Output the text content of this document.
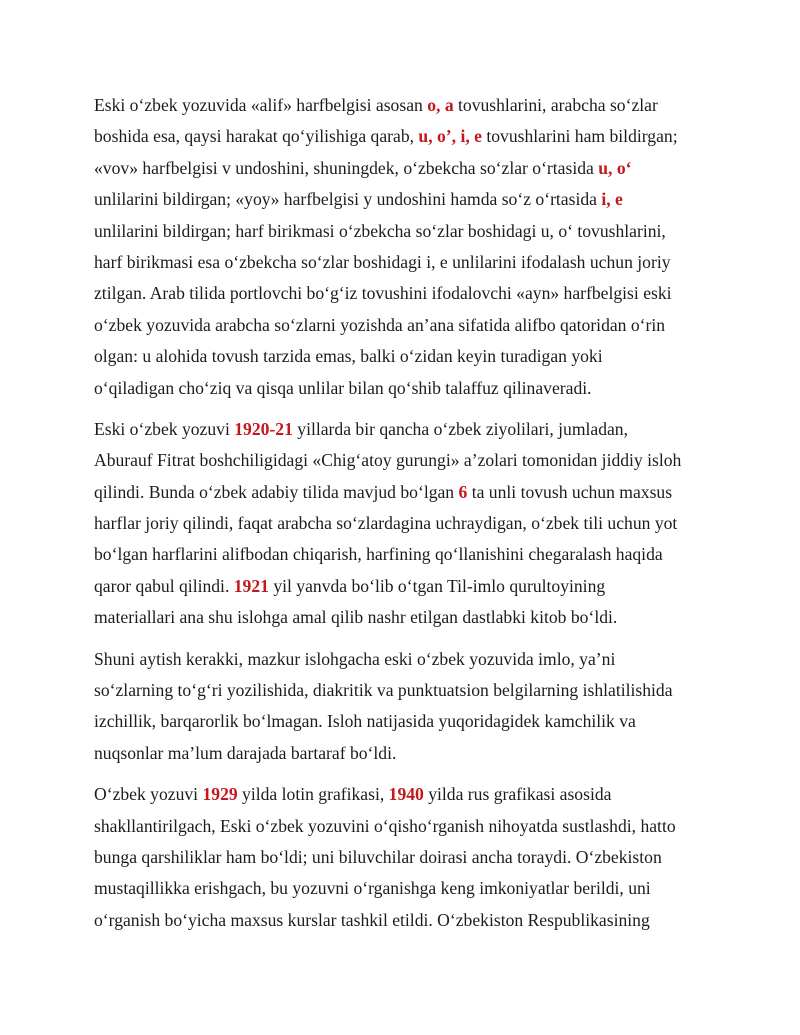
Eski o‘zbek yozuvida «alif» harfbelgisi asosan o, a tovushlarini, arabcha so‘zlar
boshida esa, qaysi harakat qo‘yilishiga qarab, u, o’, i, e tovushlarini ham bildirgan;
«vov» harfbelgisi v undoshini, shuningdek, o‘zbekcha so‘zlar o‘rtasida u, o‘
unlilarini bildirgan; «yoy» harfbelgisi y undoshini hamda so‘z o‘rtasida i, e
unlilarini bildirgan; harf birikmasi o‘zbekcha so‘zlar boshidagi u, o‘ tovushlarini,
harf birikmasi esa o‘zbekcha so‘zlar boshidagi i, e unlilarini ifodalash uchun joriy
ztilgan. Arab tilida portlovchi bo‘g‘iz tovushini ifodalovchi «ayn» harfbelgisi eski
o‘zbek yozuvida arabcha so‘zlarni yozishda an’ana sifatida alifbo qatoridan o‘rin
olgan: u alohida tovush tarzida emas, balki o‘zidan keyin turadigan yoki
o‘qiladigan cho‘ziq va qisqa unlilar bilan qo‘shib talaffuz qilinaveradi.

Eski o‘zbek yozuvi 1920-21 yillarda bir qancha o‘zbek ziyolilari, jumladan,
Aburauf Fitrat boshchiligidagi «Chig‘atoy gurungi» a’zolari tomonidan jiddiy isloh
qilindi. Bunda o‘zbek adabiy tilida mavjud bo‘lgan 6 ta unli tovush uchun maxsus
harflar joriy qilindi, faqat arabcha so‘zlardagina uchraydigan, o‘zbek tili uchun yot
bo‘lgan harflarini alifbodan chiqarish, harfining qo‘llanishini chegaralash haqida
qaror qabul qilindi. 1921 yil yanvda bo‘lib o‘tgan Til-imlo qurultoyining
materiallari ana shu islohga amal qilib nashr etilgan dastlabki kitob bo‘ldi.

Shuni aytish kerakki, mazkur islohgacha eski o‘zbek yozuvida imlo, ya’ni
so‘zlarning to‘g‘ri yozilishida, diakritik va punktuatsion belgilarning ishlatilishida
izchillik, barqarorlik bo‘lmagan. Isloh natijasida yuqoridagidek kamchilik va
nuqsonlar ma’lum darajada bartaraf bo‘ldi.

O‘zbek yozuvi 1929 yilda lotin grafikasi, 1940 yilda rus grafikasi asosida
shakllantirilgach, Eski o‘zbek yozuvini o‘qisho‘rganish nihoyatda sustlashdi, hatto
bunga qarshiliklar ham bo‘ldi; uni biluvchilar doirasi ancha toraydi. O‘zbekiston
mustaqillikka erishgach, bu yozuvni o‘rganishga keng imkoniyatlar berildi, uni
o‘rganish bo‘yicha maxsus kurslar tashkil etildi. O‘zbekiston Respublikasining
